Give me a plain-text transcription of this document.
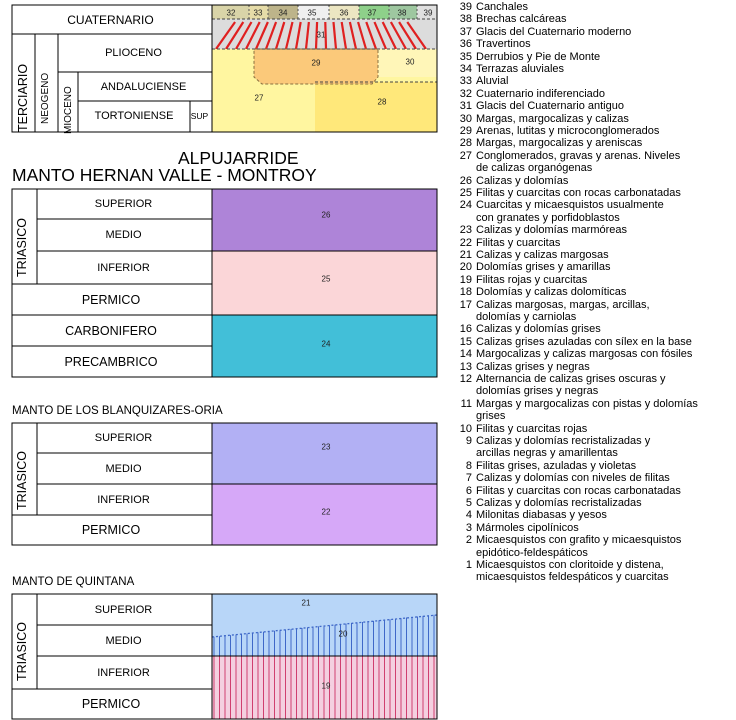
CUATERNARIO
TERCIARIO NEOGENO MIOCENO
PLIOCENO
ANDALUCIENSE
TORTONIENSE	SUP
32 33 34	35	36 37	38 39
31
29	30
27	28
ALPUJARRIDE
MANTO HERNAN VALLE - MONTROY
TRIASICO
SUPERIOR
MEDIO
INFERIOR
PERMICO
CARBONIFERO
PRECAMBRICO
26
25
24
MANTO DE LOS BLANQUIZARES-ORIA
TRIASICO
SUPERIOR
MEDIO
INFERIOR
PERMICO
23
22
MANTO DE QUINTANA
TRIASICO
SUPERIOR
MEDIO
INFERIOR
PERMICO
21
20
19
39 Canchales
38 Brechas calcáreas
37 Glacis del Cuaternario moderno
36 Travertinos
35 Derrubios y Pie de Monte
34 Terrazas aluviales
33 Aluvial
32 Cuaternario indiferenciado
31 Glacis del Cuaternario antiguo
30 Margas, margocalizas y calizas
29 Arenas, lutitas y microconglomerados
28 Margas, margocalizas y areniscas
27 Conglomerados, gravas y arenas. Niveles
de calizas organógenas
26 Calizas y dolomías
25 Filitas y cuarcitas con rocas carbonatadas
24 Cuarcitas y micaesquistos usualmente
con granates y porfidoblastos
23 Calizas y dolomías marmóreas
22 Filitas y cuarcitas
21 Calizas y calizas margosas
20 Dolomías grises y amarillas
19 Filitas rojas y cuarcitas
18 Dolomías y calizas dolomíticas
17 Calizas margosas, margas, arcillas,
dolomías y carniolas
16 Calizas y dolomías grises
15 Calizas grises azuladas con sílex en la base
14 Margocalizas y calizas margosas con fósiles
13 Calizas grises y negras
12 Alternancia de calizas grises oscuras y
dolomías grises y negras
11 Margas y margocalizas con pistas y dolomías
grises
10 Filitas y cuarcitas rojas
9 Calizas y dolomías recristalizadas y
arcillas negras y amarillentas
8 Filitas grises, azuladas y violetas
7 Calizas y dolomías con niveles de filitas
6 Filitas y cuarcitas con rocas carbonatadas
5 Calizas y dolomías recristalizadas
4 Milonitas diabasas y yesos
3 Mármoles cipolínicos
2 Micaesquistos con grafito y micaesquistos
epidótico-feldespáticos
1 Micaesquistos con cloritoide y distena,
micaesquistos feldespáticos y cuarcitas
